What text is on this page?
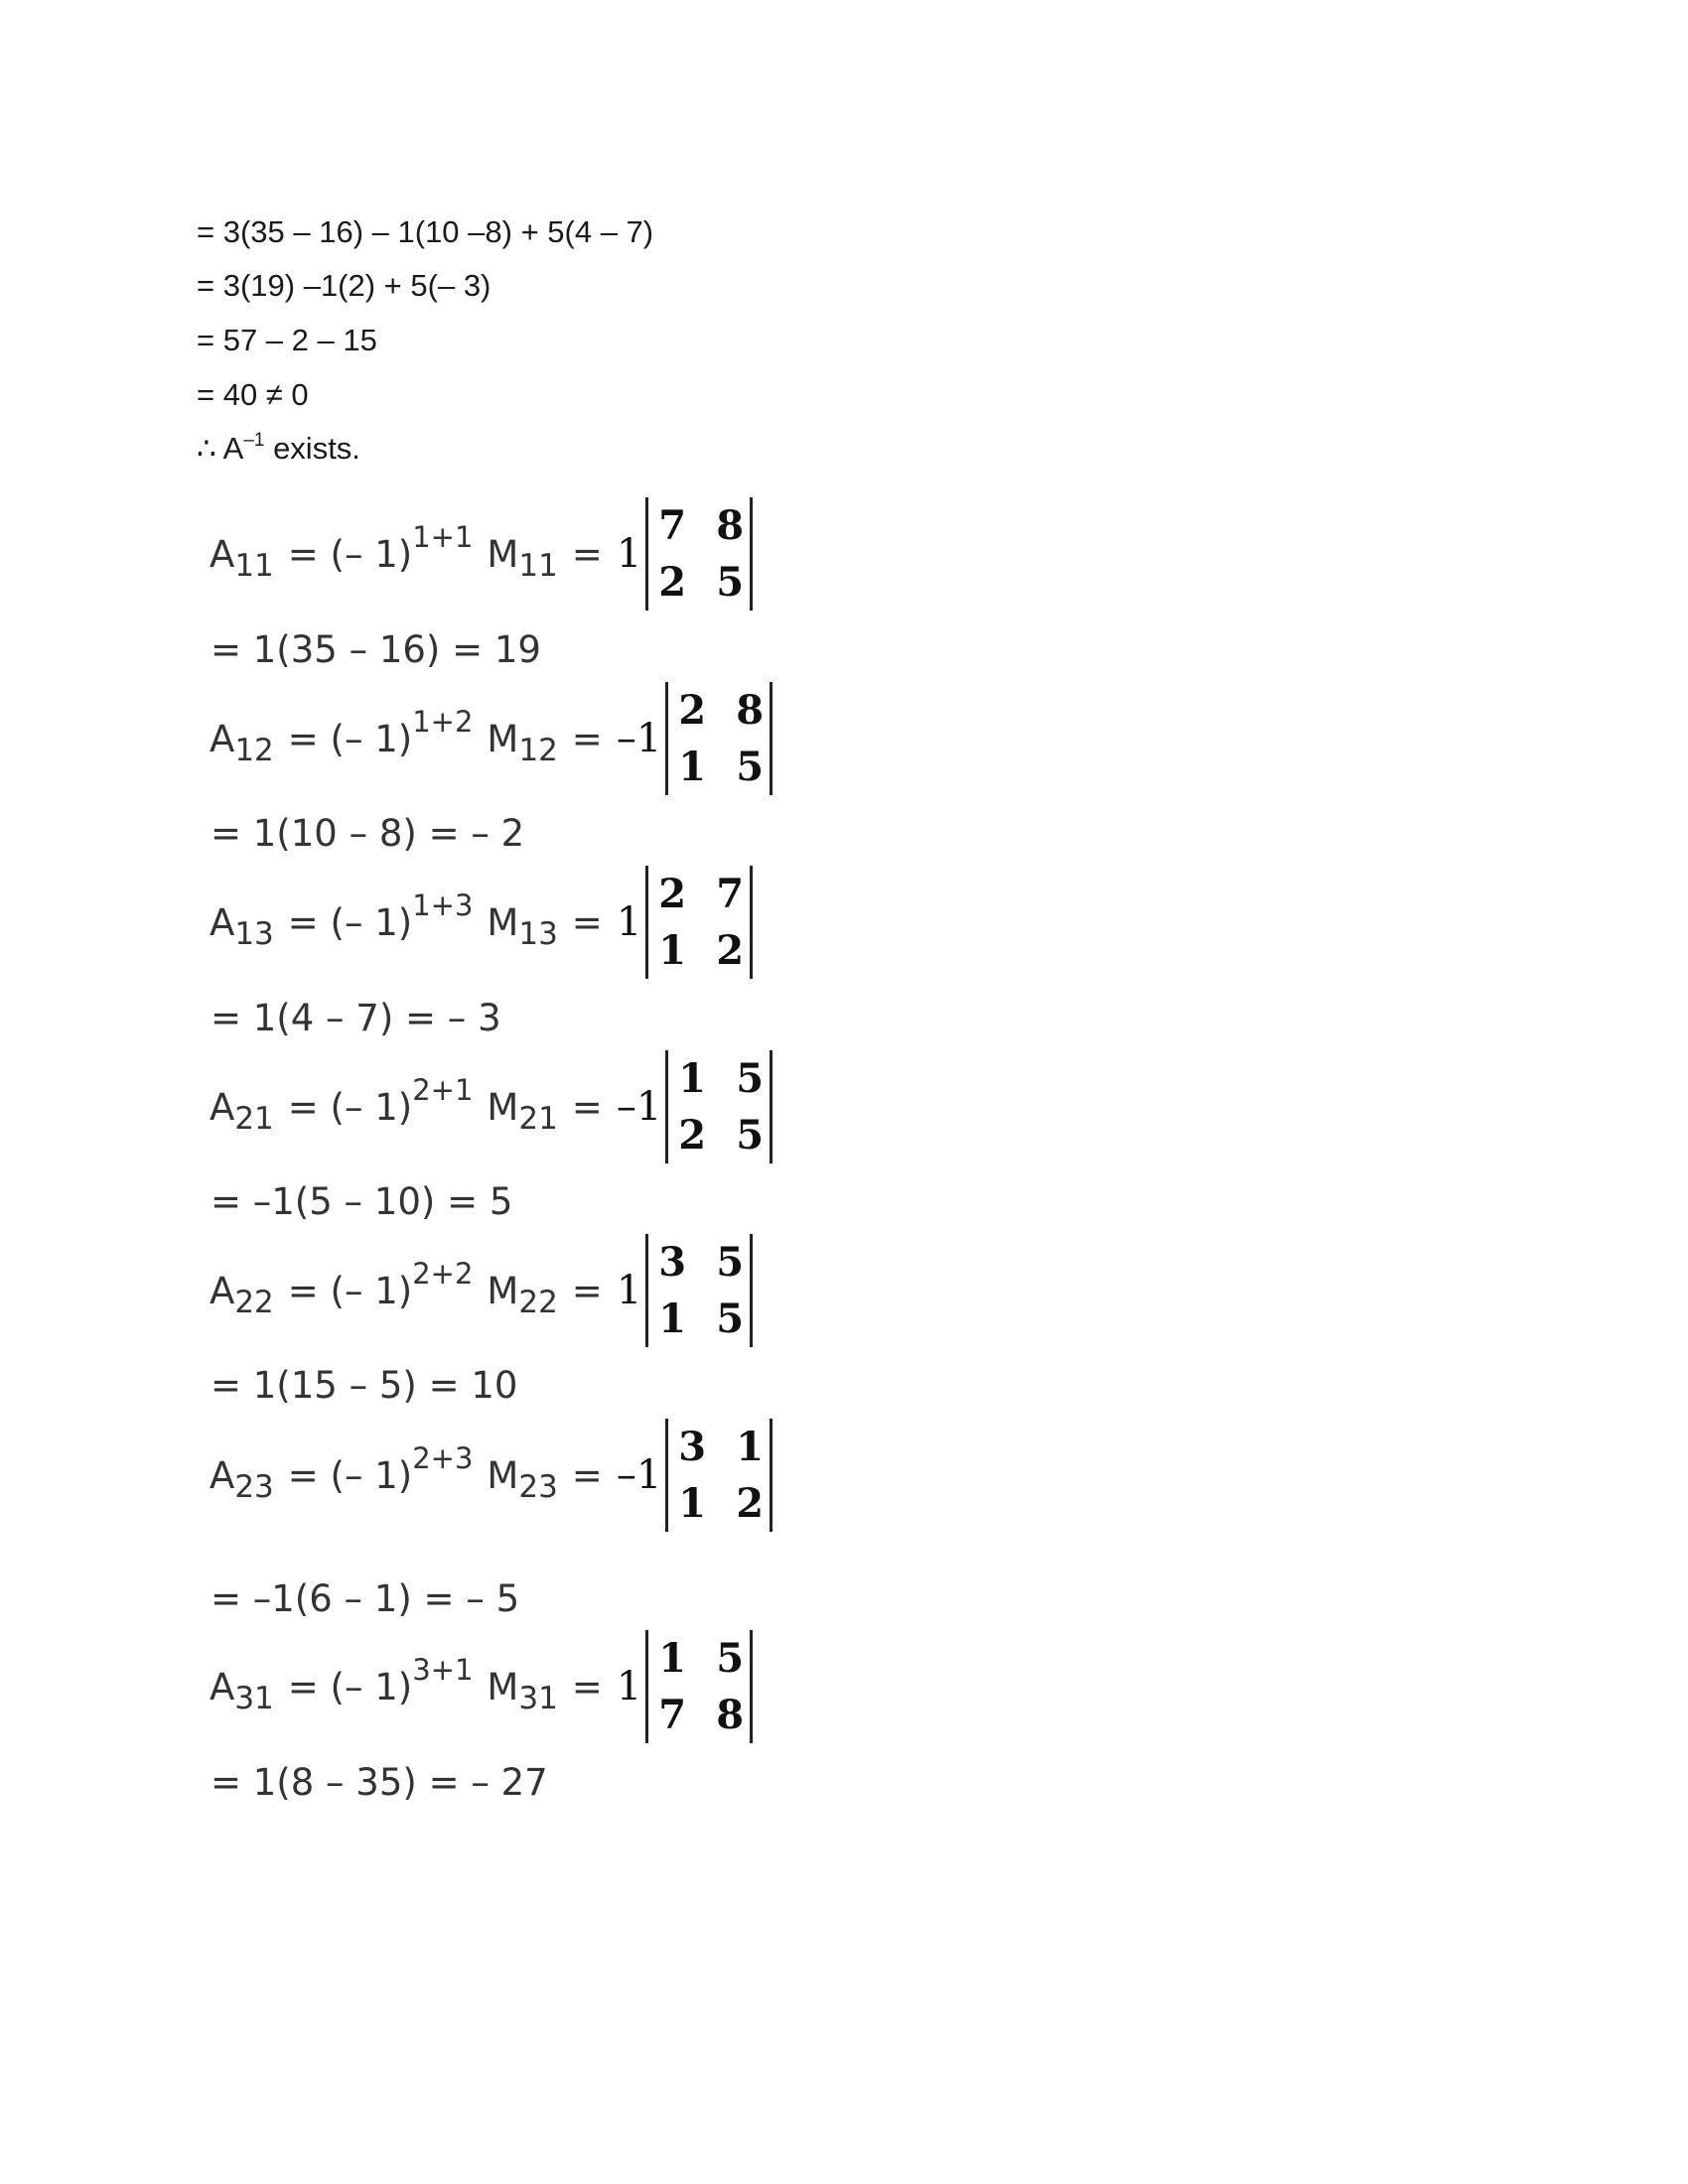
= 3(35 – 16) – 1(10 –8) + 5(4 – 7)
= 3(19) –1(2) + 5(– 3)
= 57 – 2 – 15
= 40 ≠ 0
∴ $A^{-1}$ exists.
A 11 = (– 1) 1+1 M 11 = 1
7 8
2 5
= 1(35 – 16) = 19
A 12 = (– 1) 1+2 M 12 = –1
2 8
1 5
= 1(10 – 8) = – 2
A 13 = (– 1) 1+3 M 13 = 1
2 7
1 2
= 1(4 – 7) = – 3
A 21 = (– 1) 2+1 M 21 = –1
1 5
2 5
= –1(5 – 10) = 5
A 22 = (– 1) 2+2 M 22 = 1
3 5
1 5
= 1(15 – 5) = 10
A 23 = (– 1) 2+3 M 23 = –1
3 1
1 2
= –1(6 – 1) = – 5
A 31 = (– 1) 3+1 M 31 = 1
1 5
7 8
= 1(8 – 35) = – 27
